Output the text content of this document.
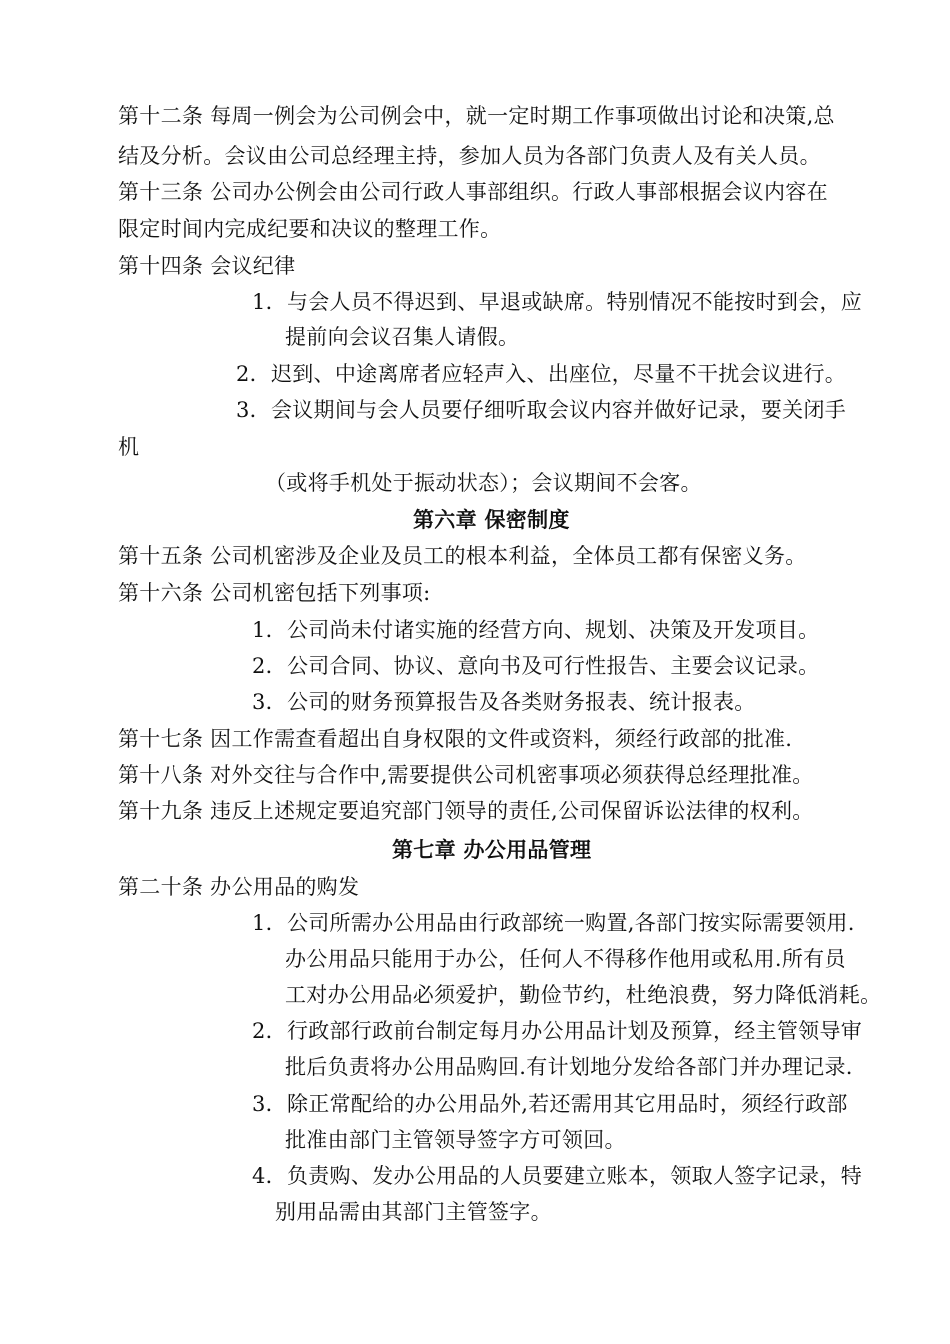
第十二条 每周一例会为公司例会中，就一定时期工作事项做出讨论和决策,总
结及分析。会议由公司总经理主持，参加人员为各部门负责人及有关人员。
第十三条 公司办公例会由公司行政人事部组织。行政人事部根据会议内容在
限定时间内完成纪要和决议的整理工作。
第十四条 会议纪律
1．与会人员不得迟到、早退或缺席。特别情况不能按时到会，应
提前向会议召集人请假。
2．迟到、中途离席者应轻声入、出座位，尽量不干扰会议进行。
3．会议期间与会人员要仔细听取会议内容并做好记录，要关闭手
机
（或将手机处于振动状态）；会议期间不会客。
第六章 保密制度
第十五条 公司机密涉及企业及员工的根本利益，全体员工都有保密义务。
第十六条 公司机密包括下列事项:
1．公司尚未付诸实施的经营方向、规划、决策及开发项目。
2．公司合同、协议、意向书及可行性报告、主要会议记录。
3．公司的财务预算报告及各类财务报表、统计报表。
第十七条 因工作需查看超出自身权限的文件或资料，须经行政部的批准.
第十八条 对外交往与合作中,需要提供公司机密事项必须获得总经理批准。
第十九条 违反上述规定要追究部门领导的责任,公司保留诉讼法律的权利。
第七章 办公用品管理
第二十条 办公用品的购发
1．公司所需办公用品由行政部统一购置,各部门按实际需要领用.
办公用品只能用于办公，任何人不得移作他用或私用.所有员
工对办公用品必须爱护，勤俭节约，杜绝浪费，努力降低消耗。
2．行政部行政前台制定每月办公用品计划及预算，经主管领导审
批后负责将办公用品购回.有计划地分发给各部门并办理记录.
3．除正常配给的办公用品外,若还需用其它用品时，须经行政部
批准由部门主管领导签字方可领回。
4．负责购、发办公用品的人员要建立账本，领取人签字记录，特
别用品需由其部门主管签字。
